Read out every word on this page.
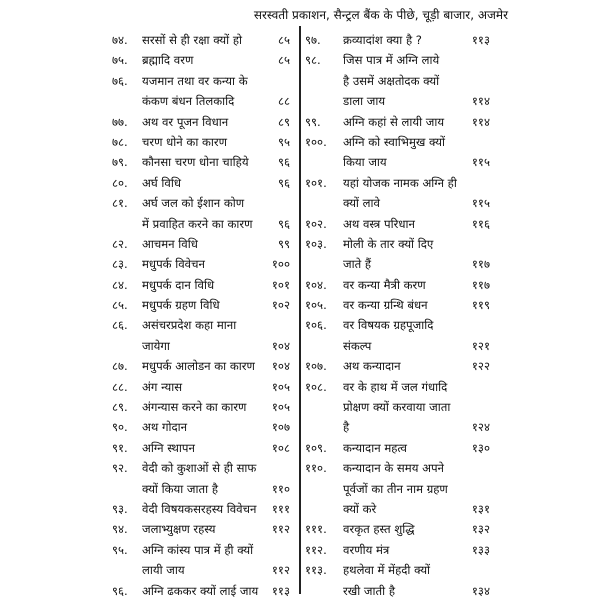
सरस्वती प्रकाशन, सैन्ट्रल बैंक के पीछे, चूड़ी बाजार, अजमेर
७४. सरसों से ही रक्षा क्यों हो	८५
७५. ब्रह्मादि वरण	८५
७६. यजमान तथा वर कन्या के
कंकण बंधन तिलकादि	८८
७७. अथ वर पूजन विधान	८९
७८. चरण धोने का कारण	९५
७९. कौनसा चरण धोना चाहिये	९६
८०. अर्घ विधि	९६
८१. अर्घ जल को ईशान कोण
में प्रवाहित करने का कारण ९६
८२. आचमन विधि	९९
८३. मधुपर्क विवेचन	१००
८४. मधुपर्क दान विधि	१०१
८५. मधुपर्क ग्रहण विधि	१०२
८६. असंचरप्रदेश कहा माना
जायेगा	१०४
८७. मधुपर्क आलोडन का कारण १०४
८८. अंग न्यास	१०५
८९. अंगन्यास करने का कारण १०५
९०. अथ गोदान	१०७
९१. अग्नि स्थापन	१०८
९२. वेदी को कुशाओं से ही साफ
क्यों किया जाता है	११०
९३. वेदी विषयकसरहस्य विवेचन १११
९४. जलाभ्युक्षण रहस्य	११२
९५. अग्नि कांस्य पात्र में ही क्यों
लायी जाय	११२
९६. अग्नि ढककर क्यों लाई जाय ११३
९७. क्रव्यादांश क्या है ?	११३
९८. जिस पात्र में अग्नि लाये
है उसमें अक्षतोदक क्यों
डाला जाय	११४
९९. अग्नि कहां से लायी जाय ११४
१००. अग्नि को स्वाभिमुख क्यों
किया जाय	११५
१०१. यहां योजक नामक अग्नि ही
क्यों लावे	११५
१०२. अथ वस्त्र परिधान	११६
१०३. मोली के तार क्यों दिए
जाते हैं	११७
१०४. वर कन्या मैत्री करण	११७
१०५. वर कन्या ग्रन्थि बंधन	११९
१०६. वर विषयक ग्रहपूजादि
संकल्प	१२१
१०७. अथ कन्यादान	१२२
१०८. वर के हाथ में जल गंधादि
प्रोक्षण क्यों करवाया जाता
है	१२४
१०९. कन्यादान महत्व	१३०
११०. कन्यादान के समय अपने
पूर्वजों का तीन नाम ग्रहण
क्यों करे	१३१
१११. वरकृत हस्त शुद्धि	१३२
११२. वरणीय मंत्र	१३३
११३. हथलेवा में मेंहदी क्यों
रखी जाती है	१३४
